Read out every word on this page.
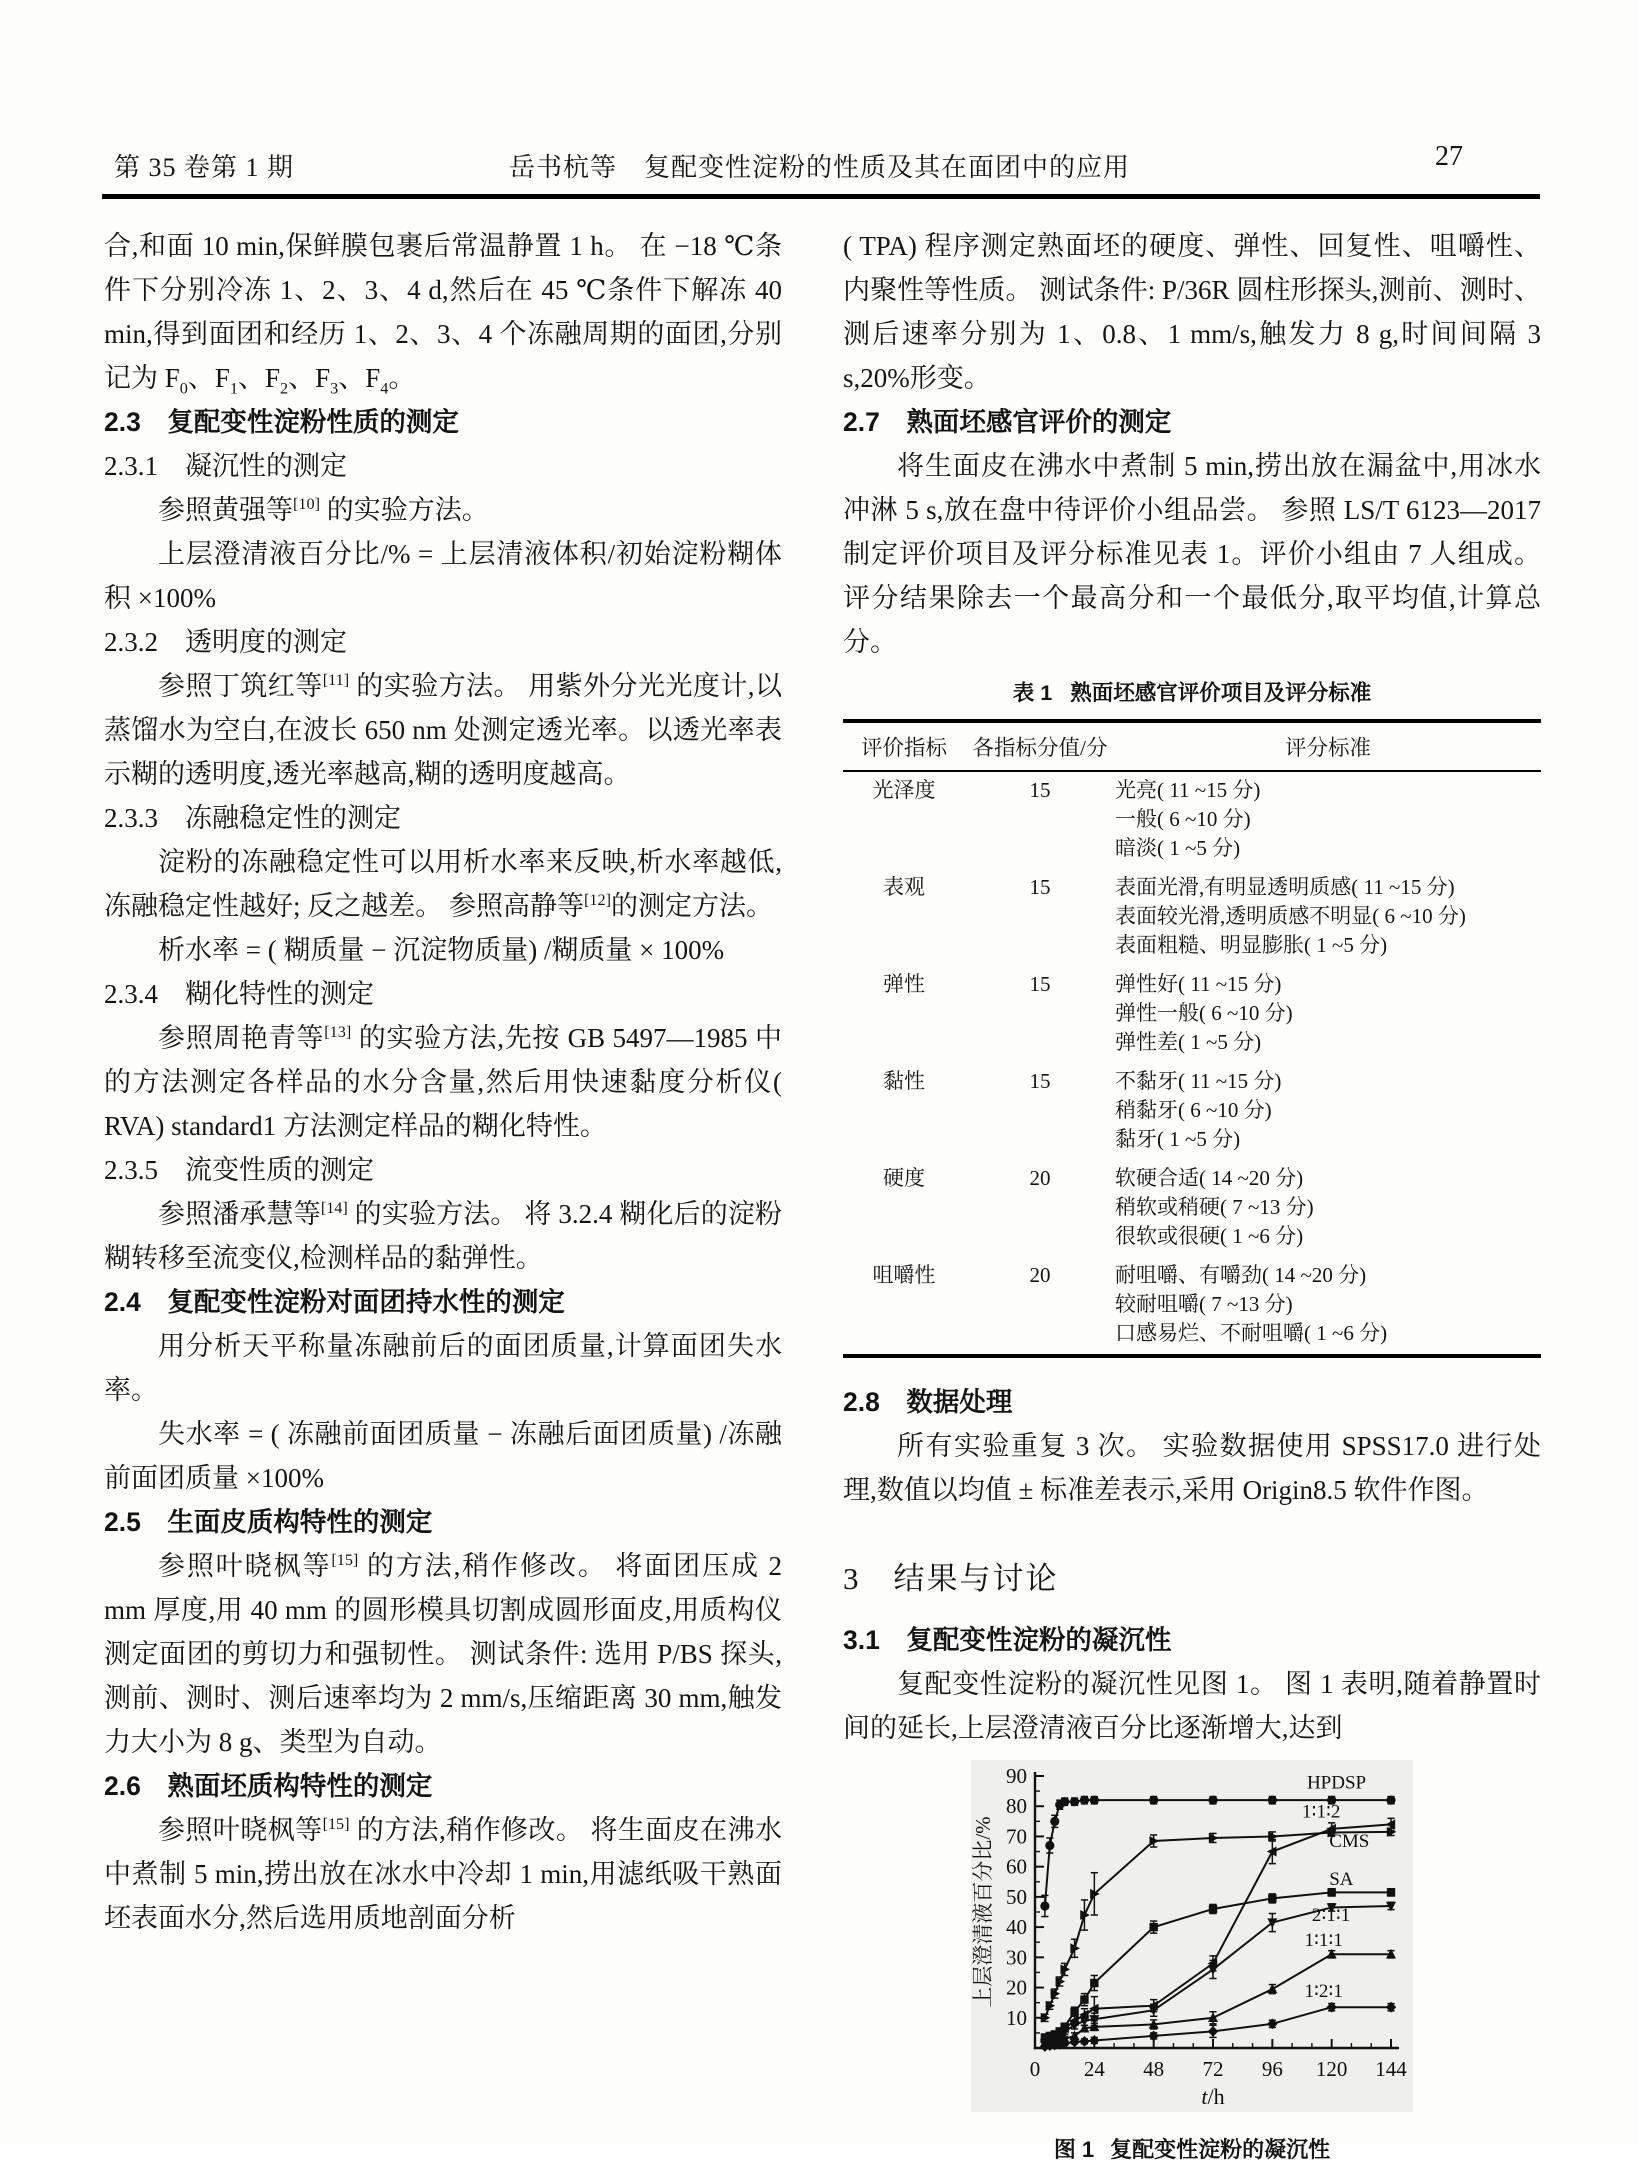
第 35 卷第 1 期	岳书杭等　复配变性淀粉的性质及其在面团中的应用	27

合,和面 10 min,保鲜膜包裹后常温静置 1 h。 在 −18 ℃条件下分别冷冻 1、2、3、4 d,然后在 45 ℃条件下解冻 40 min,得到面团和经历 1、2、3、4 个冻融周期的面团,分别记为 $F_0$、$F_1$、$F_2$、$F_3$、$F_4$。

2.3　复配变性淀粉性质的测定
2.3.1　凝沉性的测定

参照黄强等[10] 的实验方法。

上层澄清液百分比/% = 上层清液体积/初始淀粉糊体积 ×100%

2.3.2　透明度的测定

参照丁筑红等[11] 的实验方法。 用紫外分光光度计,以蒸馏水为空白,在波长 650 nm 处测定透光率。以透光率表示糊的透明度,透光率越高,糊的透明度越高。

2.3.3　冻融稳定性的测定

淀粉的冻融稳定性可以用析水率来反映,析水率越低,冻融稳定性越好; 反之越差。 参照高静等[12]的测定方法。

析水率 = ( 糊质量 − 沉淀物质量) /糊质量 × 100%

2.3.4　糊化特性的测定

参照周艳青等[13] 的实验方法,先按 GB 5497—1985 中的方法测定各样品的水分含量,然后用快速黏度分析仪( RVA) standard1 方法测定样品的糊化特性。

2.3.5　流变性质的测定

参照潘承慧等[14] 的实验方法。 将 3.2.4 糊化后的淀粉糊转移至流变仪,检测样品的黏弹性。

2.4　复配变性淀粉对面团持水性的测定

用分析天平称量冻融前后的面团质量,计算面团失水率。

失水率 = ( 冻融前面团质量 − 冻融后面团质量) /冻融前面团质量 ×100%

2.5　生面皮质构特性的测定

参照叶晓枫等[15] 的方法,稍作修改。 将面团压成 2 mm 厚度,用 40 mm 的圆形模具切割成圆形面皮,用质构仪测定面团的剪切力和强韧性。 测试条件: 选用 P/BS 探头,测前、测时、测后速率均为 2 mm/s,压缩距离 30 mm,触发力大小为 8 g、类型为自动。

2.6　熟面坯质构特性的测定

参照叶晓枫等[15] 的方法,稍作修改。 将生面皮在沸水中煮制 5 min,捞出放在冰水中冷却 1 min,用滤纸吸干熟面坯表面水分,然后选用质地剖面分析

( TPA) 程序测定熟面坯的硬度、弹性、回复性、咀嚼性、内聚性等性质。 测试条件: P/36R 圆柱形探头,测前、测时、测后速率分别为 1、0.8、1 mm/s,触发力 8 g,时间间隔 3 s,20%形变。

2.7　熟面坯感官评价的测定

将生面皮在沸水中煮制 5 min,捞出放在漏盆中,用冰水冲淋 5 s,放在盘中待评价小组品尝。 参照 LS/T 6123—2017 制定评价项目及评分标准见表 1。评价小组由 7 人组成。 评分结果除去一个最高分和一个最低分,取平均值,计算总分。

表 1 熟面坯感官评价项目及评分标准
评价指标	各指标分值/分	评分标准
光泽度	15	光亮( 11 ~15 分)
一般( 6 ~10 分)
暗淡( 1 ~5 分)
表观	15	表面光滑,有明显透明质感( 11 ~15 分)
表面较光滑,透明质感不明显( 6 ~10 分)
表面粗糙、明显膨胀( 1 ~5 分)
弹性	15	弹性好( 11 ~15 分)
弹性一般( 6 ~10 分)
弹性差( 1 ~5 分)
黏性	15	不黏牙( 11 ~15 分)
稍黏牙( 6 ~10 分)
黏牙( 1 ~5 分)
硬度	20	软硬合适( 14 ~20 分)
稍软或稍硬( 7 ~13 分)
很软或很硬( 1 ~6 分)
咀嚼性	20	耐咀嚼、有嚼劲( 14 ~20 分)
较耐咀嚼( 7 ~13 分)
口感易烂、不耐咀嚼( 1 ~6 分)
2.8　数据处理

所有实验重复 3 次。 实验数据使用 SPSS17.0 进行处理,数值以均值 ± 标准差表示,采用 Origin8.5 软件作图。

3　结果与讨论
3.1　复配变性淀粉的凝沉性

复配变性淀粉的凝沉性见图 1。 图 1 表明,随着静置时间的延长,上层澄清液百分比逐渐增大,达到

0 24 48 72 96 120 144
10
20
30
40
50
60
70
80
90
t/h
上层澄清液百分比/%
HPDSP
1∶1∶2
CMS
SA
2∶1∶1
1∶1∶1
1∶2∶1
图 1 复配变性淀粉的凝沉性
